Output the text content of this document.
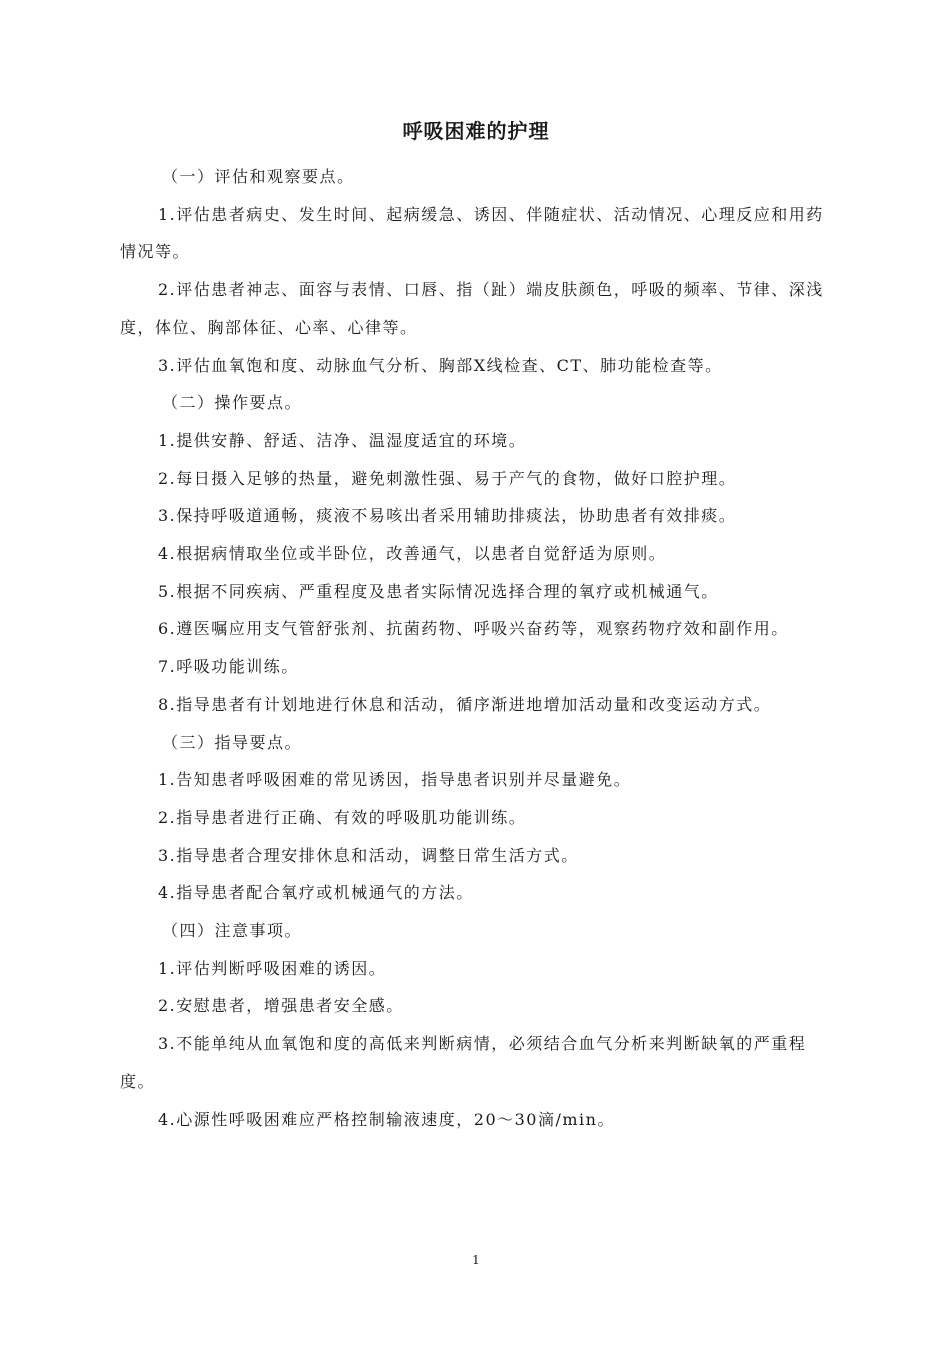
呼吸困难的护理

（一）评估和观察要点。

1.评估患者病史、发生时间、起病缓急、诱因、伴随症状、活动情况、心理反应和用药情况等。

2.评估患者神志、面容与表情、口唇、指（趾）端皮肤颜色，呼吸的频率、节律、深浅度，体位、胸部体征、心率、心律等。

3.评估血氧饱和度、动脉血气分析、胸部X线检查、CT、肺功能检查等。

（二）操作要点。

1.提供安静、舒适、洁净、温湿度适宜的环境。

2.每日摄入足够的热量，避免刺激性强、易于产气的食物，做好口腔护理。

3.保持呼吸道通畅，痰液不易咳出者采用辅助排痰法，协助患者有效排痰。

4.根据病情取坐位或半卧位，改善通气，以患者自觉舒适为原则。

5.根据不同疾病、严重程度及患者实际情况选择合理的氧疗或机械通气。

6.遵医嘱应用支气管舒张剂、抗菌药物、呼吸兴奋药等，观察药物疗效和副作用。

7.呼吸功能训练。

8.指导患者有计划地进行休息和活动，循序渐进地增加活动量和改变运动方式。

（三）指导要点。

1.告知患者呼吸困难的常见诱因，指导患者识别并尽量避免。

2.指导患者进行正确、有效的呼吸肌功能训练。

3.指导患者合理安排休息和活动，调整日常生活方式。

4.指导患者配合氧疗或机械通气的方法。

（四）注意事项。

1.评估判断呼吸困难的诱因。

2.安慰患者，增强患者安全感。

3.不能单纯从血氧饱和度的高低来判断病情，必须结合血气分析来判断缺氧的严重程度。

4.心源性呼吸困难应严格控制输液速度，20～30滴/min。

1
